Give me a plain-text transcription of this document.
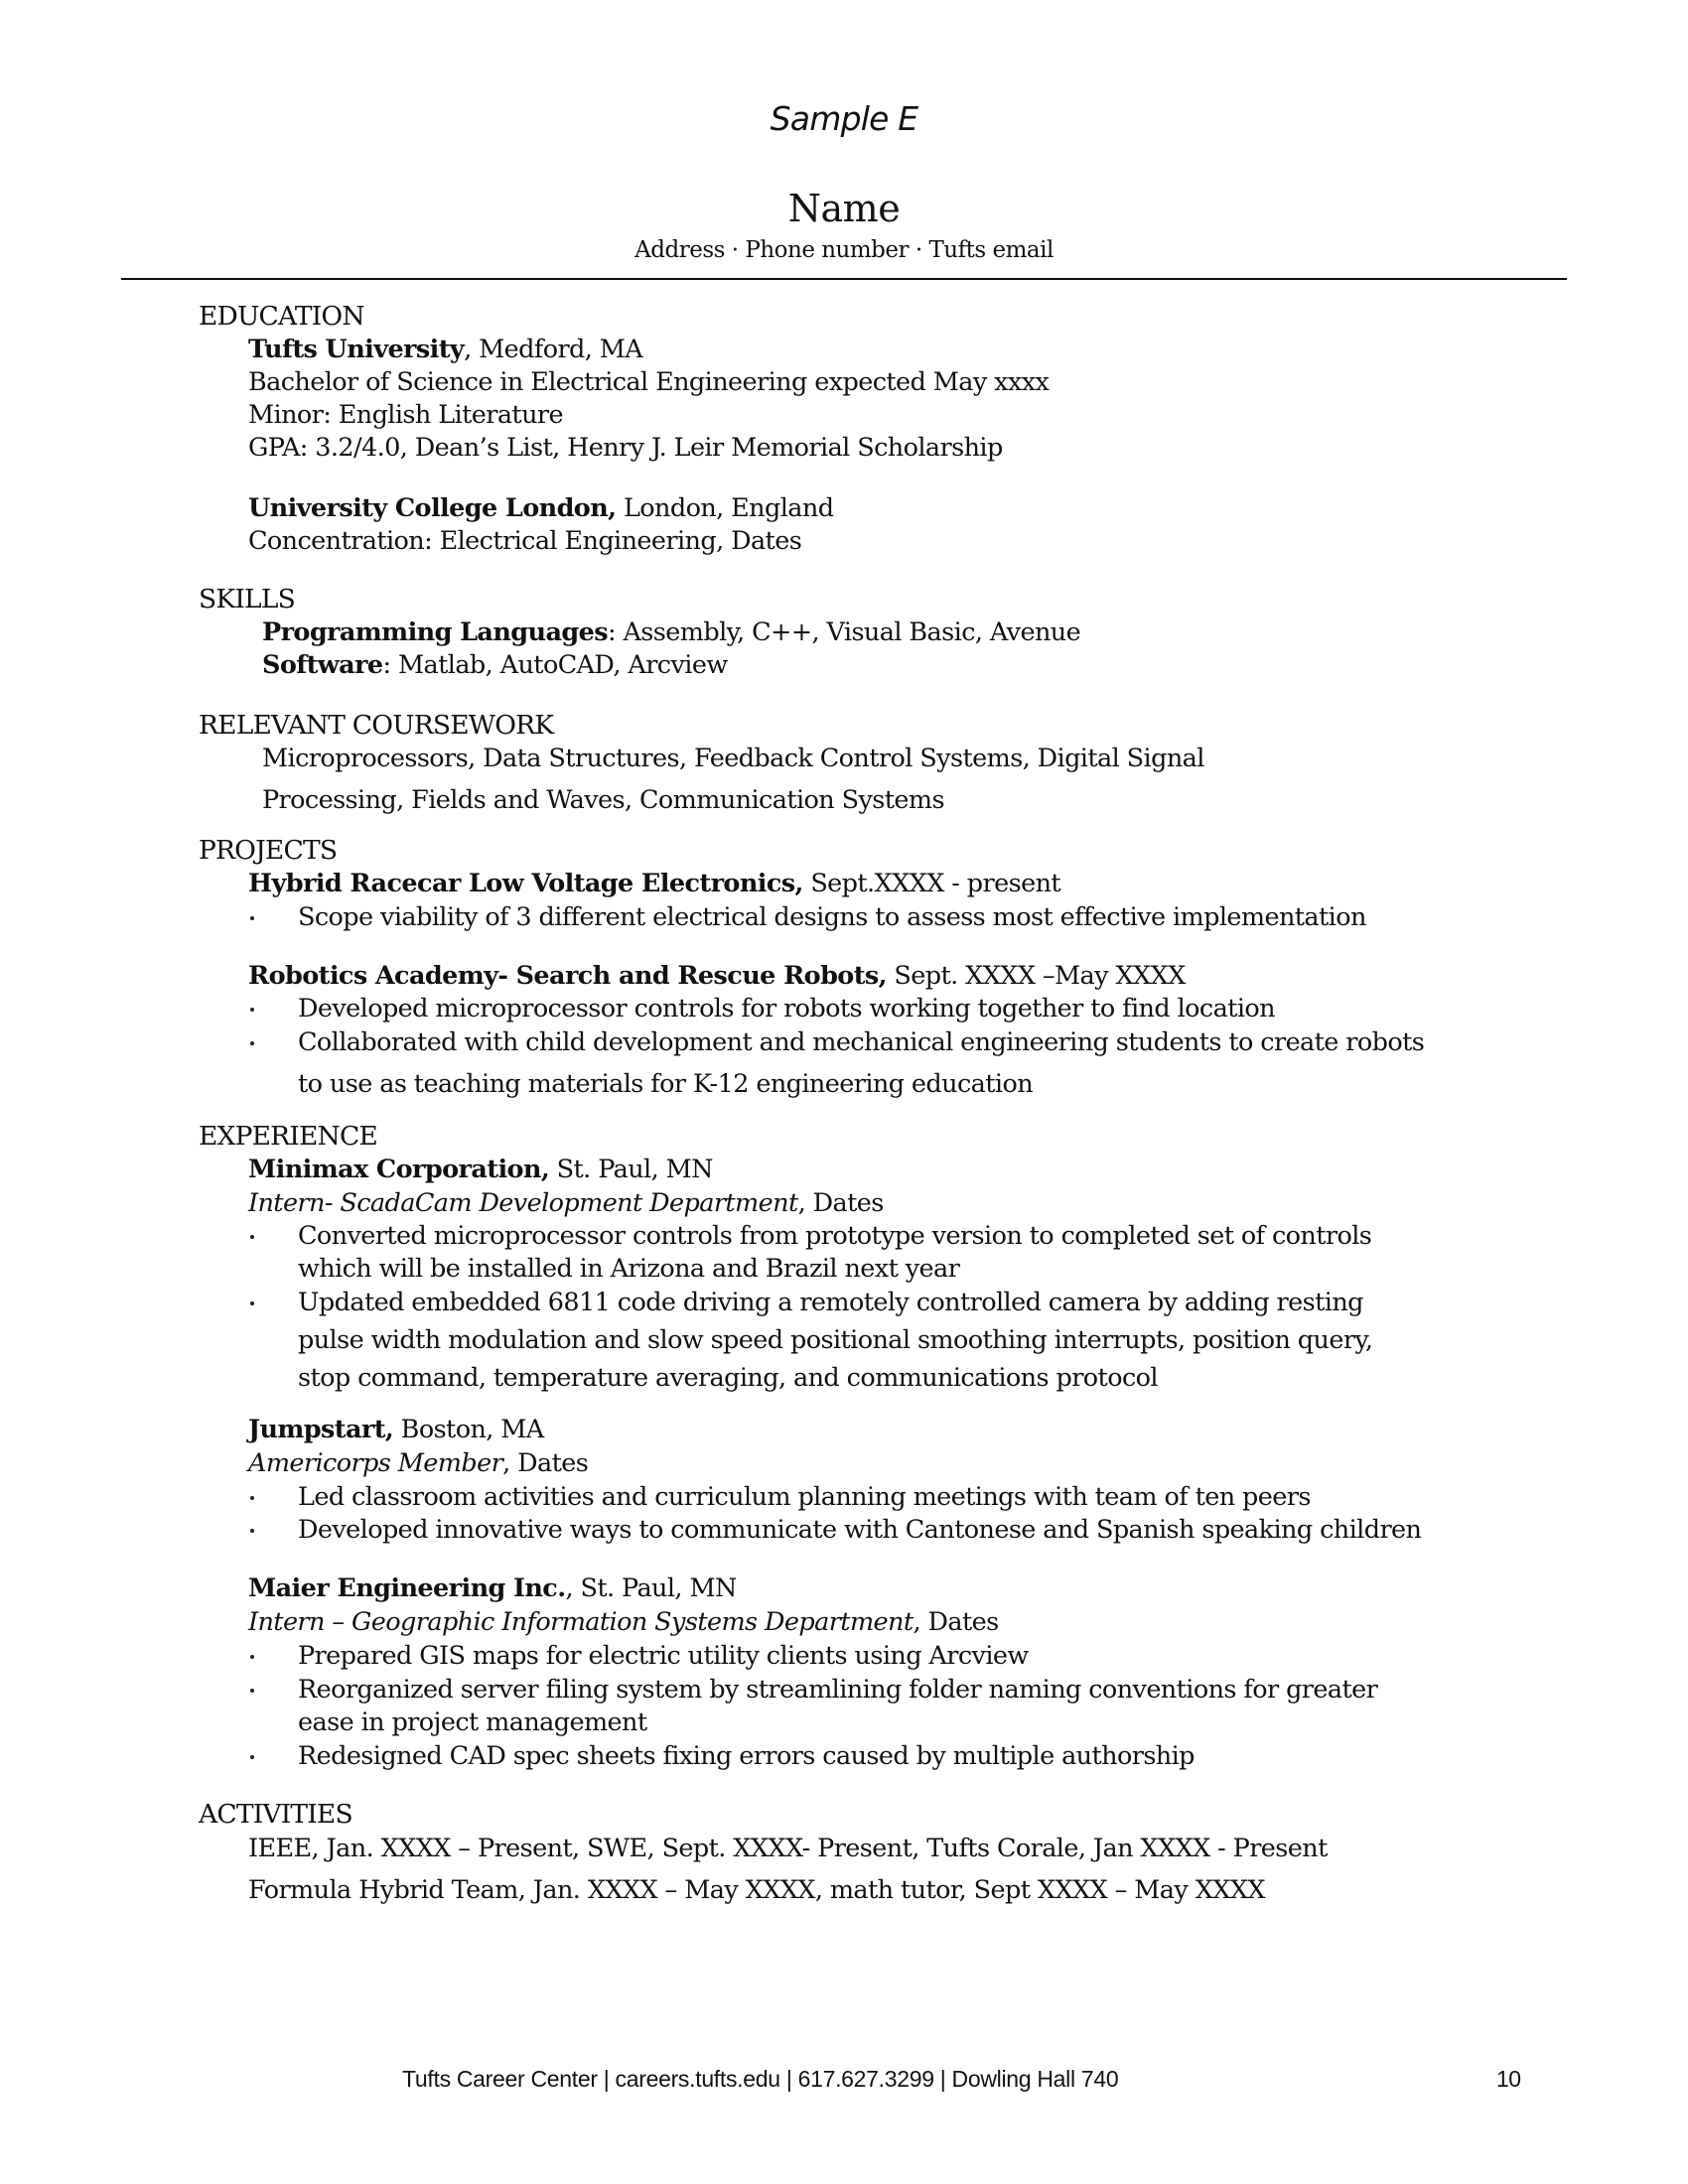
Sample E
Name
Address · Phone number · Tufts email
EDUCATION
Tufts University, Medford, MA
Bachelor of Science in Electrical Engineering expected May xxxx
Minor: English Literature
GPA: 3.2/4.0, Dean’s List, Henry J. Leir Memorial Scholarship
University College London, London, England
Concentration: Electrical Engineering, Dates
SKILLS
Programming Languages: Assembly, C++, Visual Basic, Avenue
Software: Matlab, AutoCAD, Arcview
RELEVANT COURSEWORK
Microprocessors, Data Structures, Feedback Control Systems, Digital Signal
Processing, Fields and Waves, Communication Systems
PROJECTS
Hybrid Racecar Low Voltage Electronics, Sept.XXXX - present
Scope viability of 3 different electrical designs to assess most effective implementation
Robotics Academy- Search and Rescue Robots, Sept. XXXX –May XXXX
Developed microprocessor controls for robots working together to find location
Collaborated with child development and mechanical engineering students to create robots
to use as teaching materials for K-12 engineering education
EXPERIENCE
Minimax Corporation, St. Paul, MN
Intern- ScadaCam Development Department, Dates
Converted microprocessor controls from prototype version to completed set of controls
which will be installed in Arizona and Brazil next year
Updated embedded 6811 code driving a remotely controlled camera by adding resting
pulse width modulation and slow speed positional smoothing interrupts, position query,
stop command, temperature averaging, and communications protocol
Jumpstart, Boston, MA
Americorps Member, Dates
Led classroom activities and curriculum planning meetings with team of ten peers
Developed innovative ways to communicate with Cantonese and Spanish speaking children
Maier Engineering Inc., St. Paul, MN
Intern – Geographic Information Systems Department, Dates
Prepared GIS maps for electric utility clients using Arcview
Reorganized server filing system by streamlining folder naming conventions for greater
ease in project management
Redesigned CAD spec sheets fixing errors caused by multiple authorship
ACTIVITIES
IEEE, Jan. XXXX – Present, SWE, Sept. XXXX- Present, Tufts Corale, Jan XXXX - Present
Formula Hybrid Team, Jan. XXXX – May XXXX, math tutor, Sept XXXX – May XXXX
Tufts Career Center | careers.tufts.edu | 617.627.3299 | Dowling Hall 740	10
